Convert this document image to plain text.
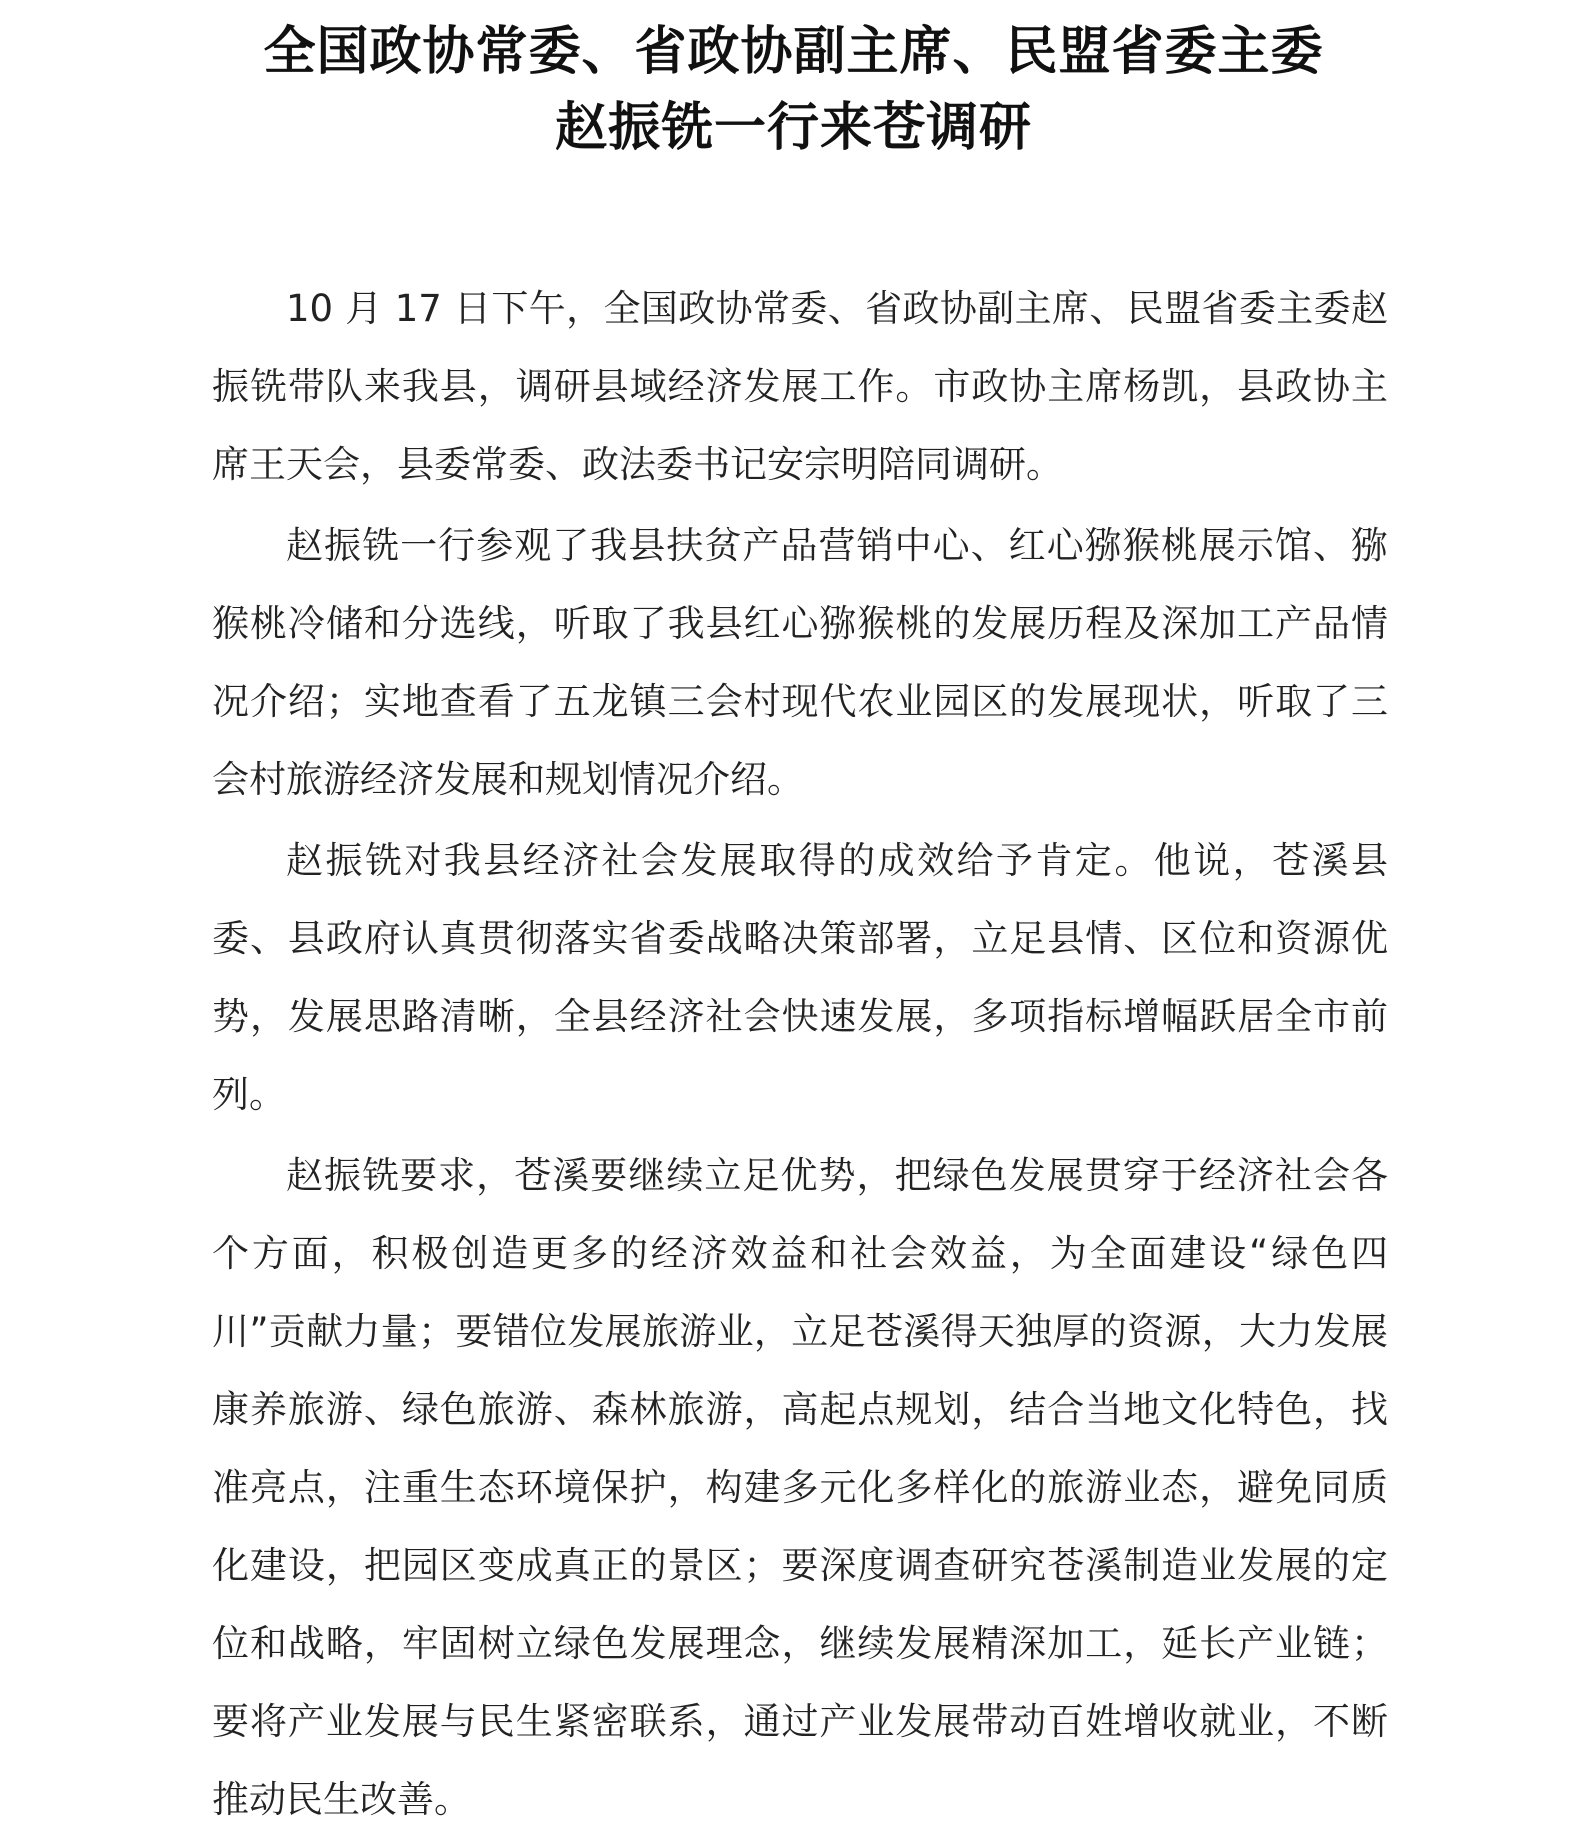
全国政协常委、省政协副主席、民盟省委主委
赵振铣一行来苍调研

10 月 17 日下午，全国政协常委、省政协副主席、民盟省委主委赵振铣带队来我县，调研县域经济发展工作。市政协主席杨凯，县政协主席王天会，县委常委、政法委书记安宗明陪同调研。

赵振铣一行参观了我县扶贫产品营销中心、红心猕猴桃展示馆、猕猴桃冷储和分选线，听取了我县红心猕猴桃的发展历程及深加工产品情况介绍；实地查看了五龙镇三会村现代农业园区的发展现状，听取了三会村旅游经济发展和规划情况介绍。

赵振铣对我县经济社会发展取得的成效给予肯定。他说，苍溪县委、县政府认真贯彻落实省委战略决策部署，立足县情、区位和资源优势，发展思路清晰，全县经济社会快速发展，多项指标增幅跃居全市前列。

赵振铣要求，苍溪要继续立足优势，把绿色发展贯穿于经济社会各个方面，积极创造更多的经济效益和社会效益，为全面建设“绿色四川”贡献力量；要错位发展旅游业，立足苍溪得天独厚的资源，大力发展康养旅游、绿色旅游、森林旅游，高起点规划，结合当地文化特色，找准亮点，注重生态环境保护，构建多元化多样化的旅游业态，避免同质化建设，把园区变成真正的景区；要深度调查研究苍溪制造业发展的定位和战略，牢固树立绿色发展理念，继续发展精深加工，延长产业链；要将产业发展与民生紧密联系，通过产业发展带动百姓增收就业，不断推动民生改善。
